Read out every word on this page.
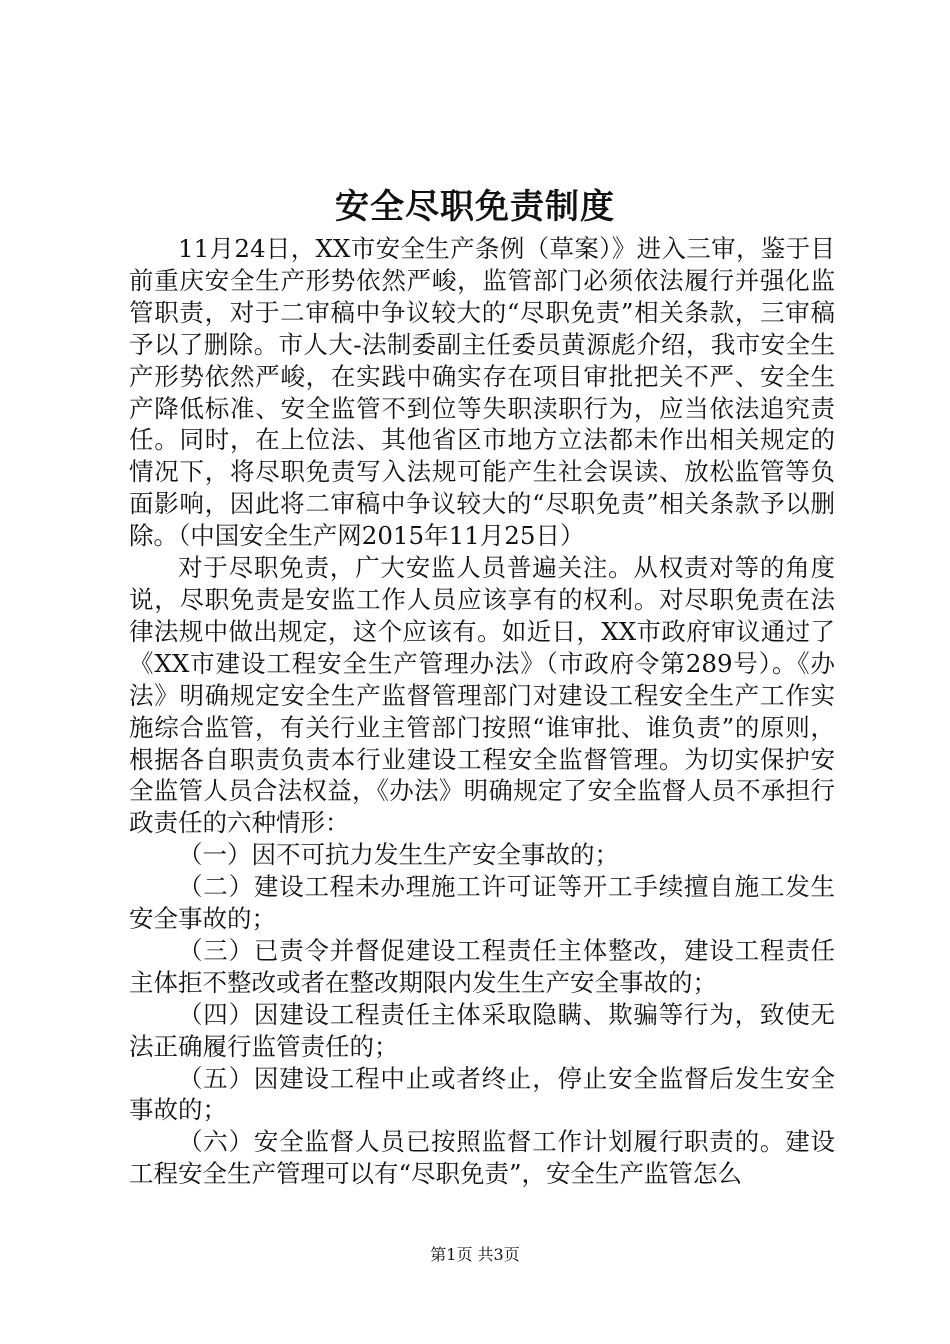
安全尽职免责制度

11月24日，XX市安全生产条例（草案）》进入三审，鉴于目前重庆安全生产形势依然严峻，监管部门必须依法履行并强化监管职责，对于二审稿中争议较大的“尽职免责”相关条款，三审稿予以了删除。市人大-法制委副主任委员黄源彪介绍，我市安全生产形势依然严峻，在实践中确实存在项目审批把关不严、安全生产降低标准、安全监管不到位等失职渎职行为，应当依法追究责任。同时，在上位法、其他省区市地方立法都未作出相关规定的情况下，将尽职免责写入法规可能产生社会误读、放松监管等负面影响，因此将二审稿中争议较大的“尽职免责”相关条款予以删除。（中国安全生产网2015年11月25日）

对于尽职免责，广大安监人员普遍关注。从权责对等的角度说，尽职免责是安监工作人员应该享有的权利。对尽职免责在法律法规中做出规定，这个应该有。如近日，XX市政府审议通过了《XX市建设工程安全生产管理办法》（市政府令第289号）。《办法》明确规定安全生产监督管理部门对建设工程安全生产工作实施综合监管，有关行业主管部门按照“谁审批、谁负责”的原则，根据各自职责负责本行业建设工程安全监督管理。为切实保护安全监管人员合法权益，《办法》明确规定了安全监督人员不承担行政责任的六种情形：

（一）因不可抗力发生生产安全事故的；

（二）建设工程未办理施工许可证等开工手续擅自施工发生安全事故的；

（三）已责令并督促建设工程责任主体整改，建设工程责任主体拒不整改或者在整改期限内发生生产安全事故的；

（四）因建设工程责任主体采取隐瞒、欺骗等行为，致使无法正确履行监管责任的；

（五）因建设工程中止或者终止，停止安全监督后发生安全事故的；

（六）安全监督人员已按照监督工作计划履行职责的。建设工程安全生产管理可以有“尽职免责”，安全生产监管怎么

第1页 共3页
